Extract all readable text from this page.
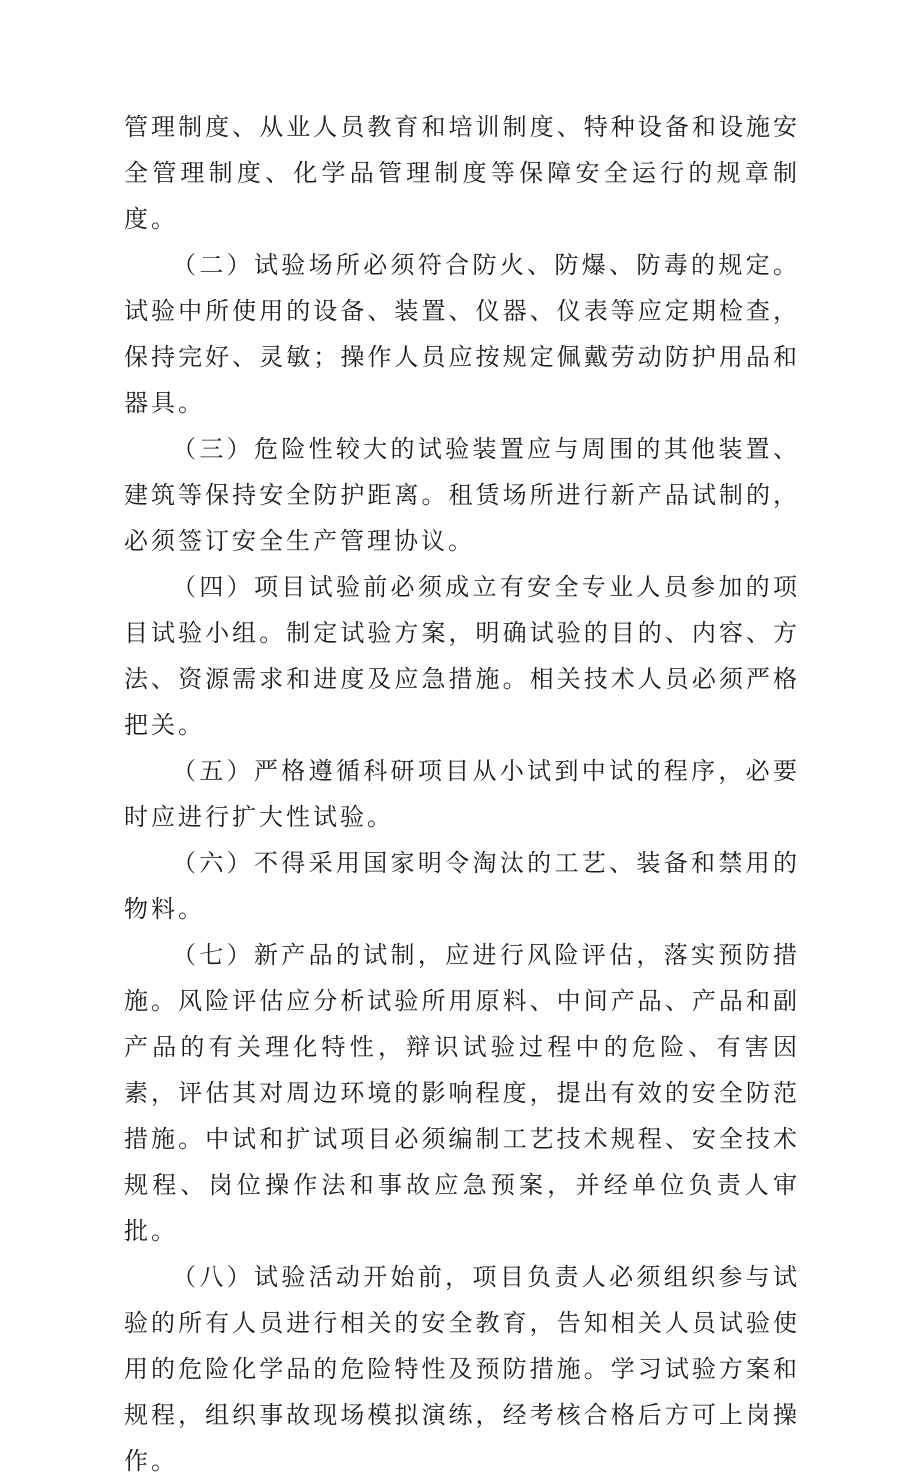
管理制度、从业人员教育和培训制度、特种设备和设施安全管理制度、化学品管理制度等保障安全运行的规章制度。

（二）试验场所必须符合防火、防爆、防毒的规定。试验中所使用的设备、装置、仪器、仪表等应定期检查，保持完好、灵敏；操作人员应按规定佩戴劳动防护用品和器具。

（三）危险性较大的试验装置应与周围的其他装置、建筑等保持安全防护距离。租赁场所进行新产品试制的，必须签订安全生产管理协议。

（四）项目试验前必须成立有安全专业人员参加的项目试验小组。制定试验方案，明确试验的目的、内容、方法、资源需求和进度及应急措施。相关技术人员必须严格把关。

（五）严格遵循科研项目从小试到中试的程序，必要时应进行扩大性试验。

（六）不得采用国家明令淘汰的工艺、装备和禁用的物料。

（七）新产品的试制，应进行风险评估，落实预防措施。风险评估应分析试验所用原料、中间产品、产品和副产品的有关理化特性，辩识试验过程中的危险、有害因素，评估其对周边环境的影响程度，提出有效的安全防范措施。中试和扩试项目必须编制工艺技术规程、安全技术规程、岗位操作法和事故应急预案，并经单位负责人审批。

（八）试验活动开始前，项目负责人必须组织参与试验的所有人员进行相关的安全教育，告知相关人员试验使用的危险化学品的危险特性及预防措施。学习试验方案和规程，组织事故现场模拟演练，经考核合格后方可上岗操作。
